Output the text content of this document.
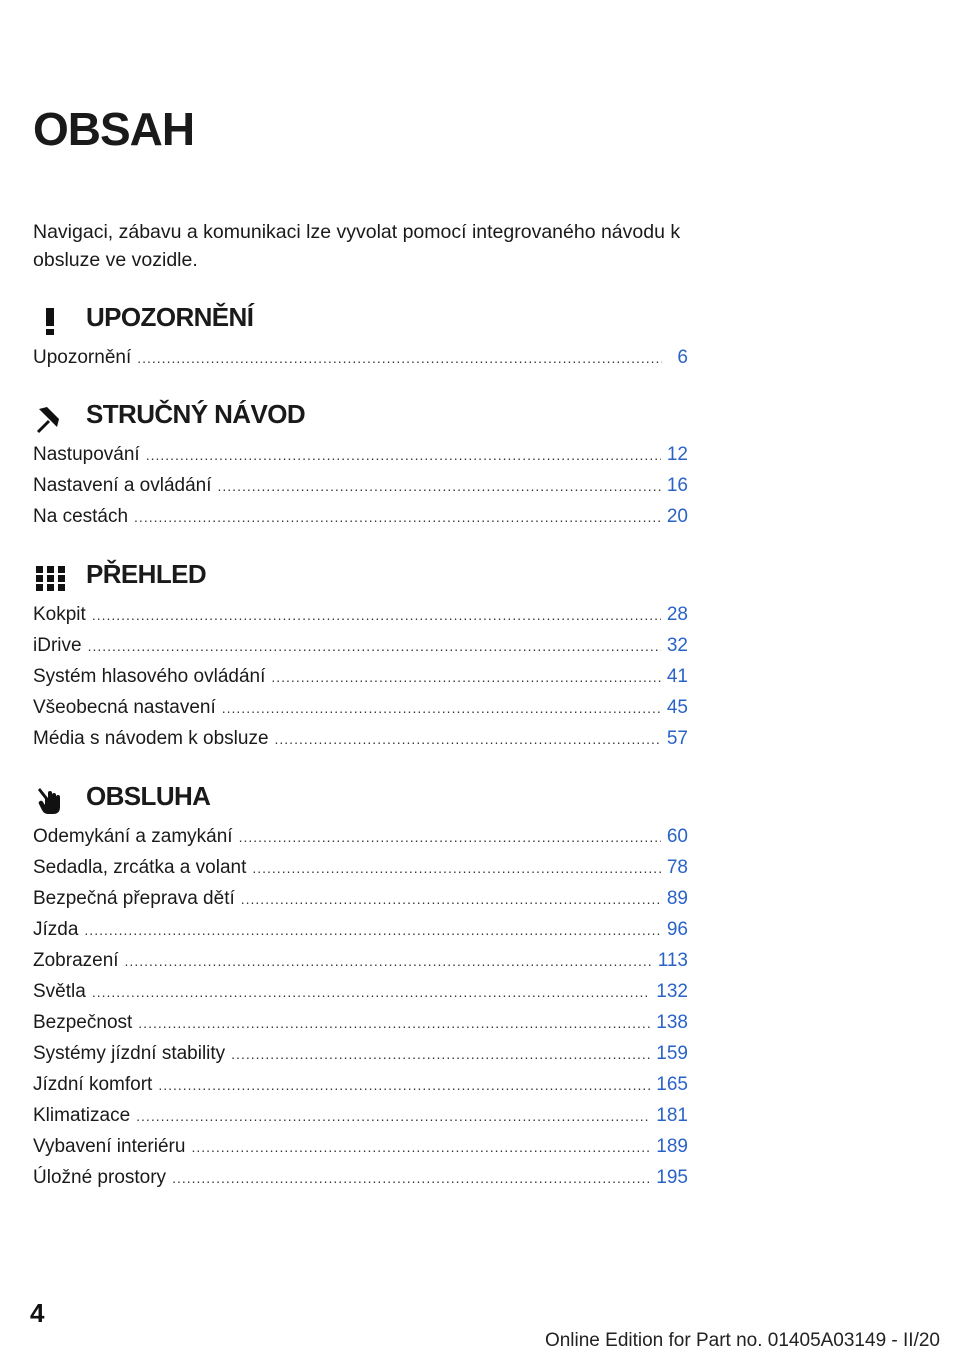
OBSAH

Navigaci, zábavu a komunikaci lze vyvolat pomocí integrovaného návodu k obsluze ve vozidle.

UPOZORNĚNÍ
Upozornění .....	6
STRUČNÝ NÁVOD
Nastupování .....	12
Nastavení a ovládání .....	16
Na cestách .....	20
PŘEHLED
Kokpit .....	28
iDrive .....	32
Systém hlasového ovládání .....	41
Všeobecná nastavení .....	45
Média s návodem k obsluze .....	57
OBSLUHA
Odemykání a zamykání .....	60
Sedadla, zrcátka a volant .....	78
Bezpečná přeprava dětí .....	89
Jízda .....	96
Zobrazení .....	113
Světla .....	132
Bezpečnost .....	138
Systémy jízdní stability .....	159
Jízdní komfort .....	165
Klimatizace .....	181
Vybavení interiéru .....	189
Úložné prostory .....	195
4
Online Edition for Part no. 01405A03149 - II/20
